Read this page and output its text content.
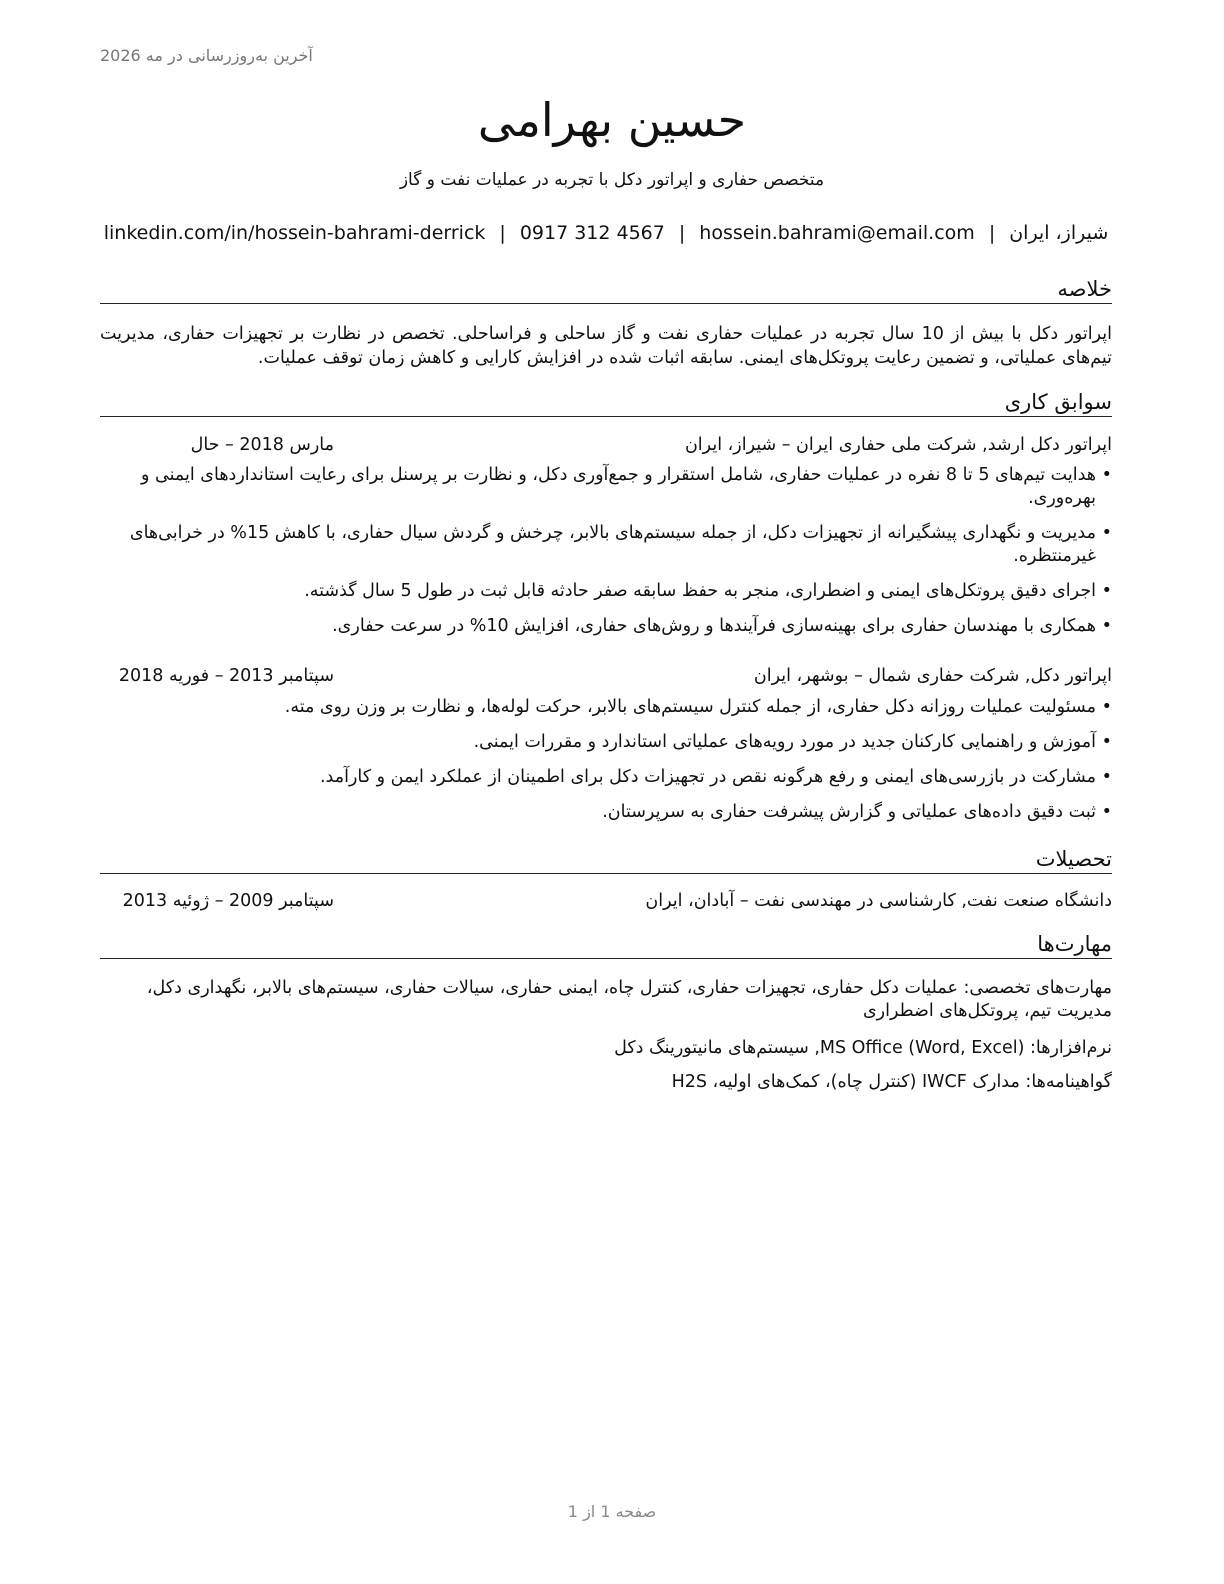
آخرین به‌روزرسانی در مه 2026
حسین بهرامی
متخصص حفاری و اپراتور دکل با تجربه در عملیات نفت و گاز
linkedin.com/in/hossein-bahrami-derrick | 0917 312 4567 | hossein.bahrami@email.com | شیراز، ایران
خلاصه
اپراتور دکل با بیش از 10 سال تجربه در عملیات حفاری نفت و گاز ساحلی و فراساحلی. تخصص در نظارت بر تجهیزات حفاری، مدیریت تیم‌های عملیاتی، و تضمین رعایت پروتکل‌های ایمنی. سابقه اثبات شده در افزایش کارایی و کاهش زمان توقف عملیات.
سوابق کاری
اپراتور دکل ارشد, شرکت ملی حفاری ایران – شیراز، ایران
مارس 2018 – حال
• هدایت تیم‌های 5 تا 8 نفره در عملیات حفاری، شامل استقرار و جمع‌آوری دکل، و نظارت بر پرسنل برای رعایت استانداردهای ایمنی و بهره‌وری.
• مدیریت و نگهداری پیشگیرانه از تجهیزات دکل، از جمله سیستم‌های بالابر، چرخش و گردش سیال حفاری، با کاهش 15% در خرابی‌های غیرمنتظره.
• اجرای دقیق پروتکل‌های ایمنی و اضطراری، منجر به حفظ سابقه صفر حادثه قابل ثبت در طول 5 سال گذشته.
• همکاری با مهندسان حفاری برای بهینه‌سازی فرآیندها و روش‌های حفاری، افزایش 10% در سرعت حفاری.
اپراتور دکل, شرکت حفاری شمال – بوشهر، ایران
سپتامبر 2013 – فوریه 2018
• مسئولیت عملیات روزانه دکل حفاری، از جمله کنترل سیستم‌های بالابر، حرکت لوله‌ها، و نظارت بر وزن روی مته.
• آموزش و راهنمایی کارکنان جدید در مورد رویه‌های عملیاتی استاندارد و مقررات ایمنی.
• مشارکت در بازرسی‌های ایمنی و رفع هرگونه نقص در تجهیزات دکل برای اطمینان از عملکرد ایمن و کارآمد.
• ثبت دقیق داده‌های عملیاتی و گزارش پیشرفت حفاری به سرپرستان.
تحصیلات
دانشگاه صنعت نفت, کارشناسی در مهندسی نفت – آبادان، ایران
سپتامبر 2009 – ژوئیه 2013
مهارت‌ها
مهارت‌های تخصصی: عملیات دکل حفاری، تجهیزات حفاری، کنترل چاه، ایمنی حفاری، سیالات حفاری، سیستم‌های بالابر، نگهداری دکل، مدیریت تیم، پروتکل‌های اضطراری
نرم‌افزارها: MS Office (Word, Excel), سیستم‌های مانیتورینگ دکل
گواهینامه‌ها: مدارک IWCF (کنترل چاه)، کمک‌های اولیه، H2S
صفحه 1 از 1
